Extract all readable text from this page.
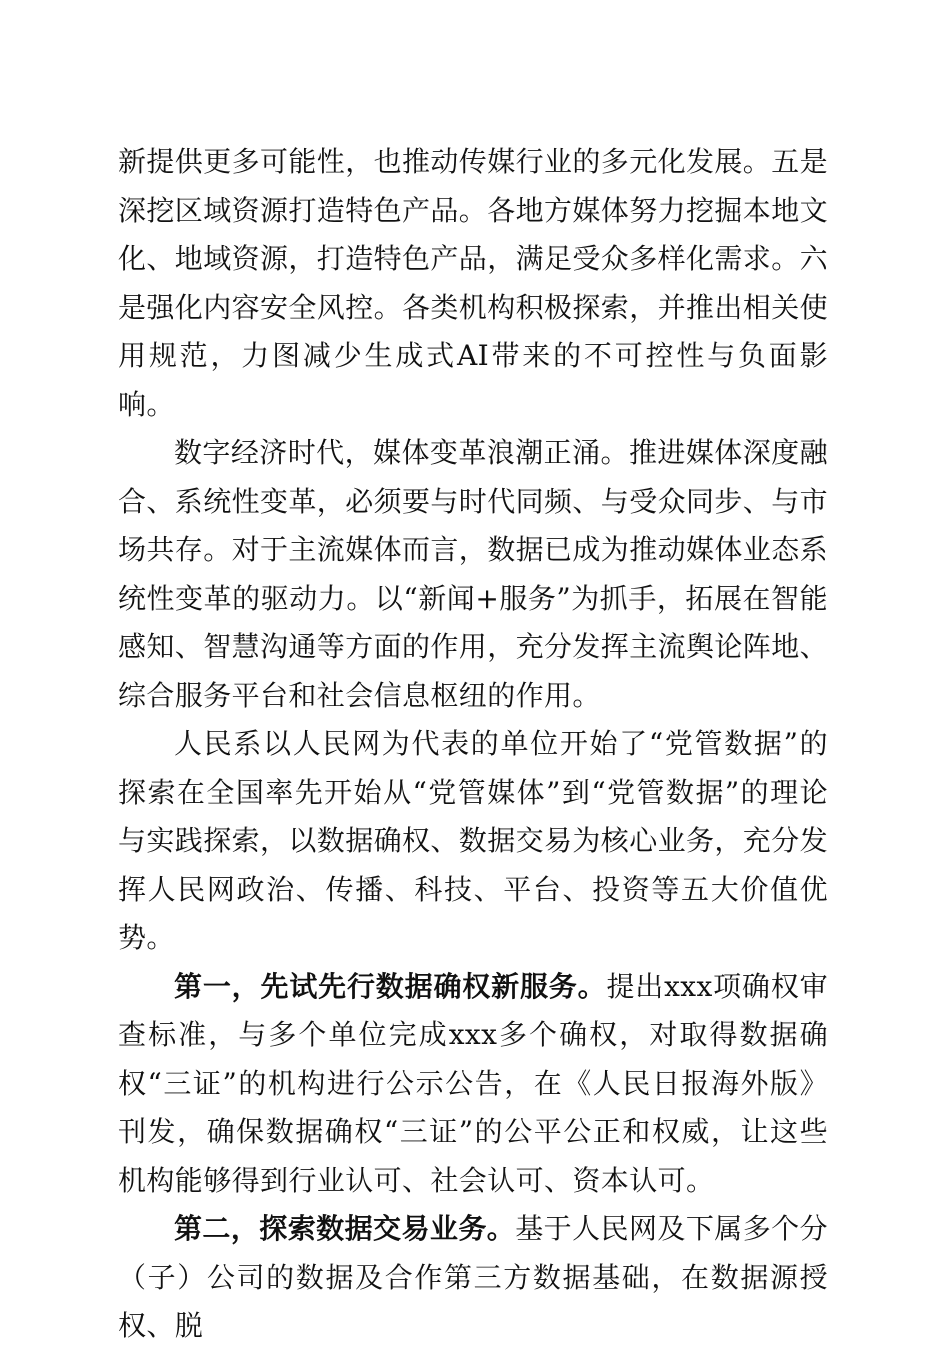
新提供更多可能性，也推动传媒行业的多元化发展。五是深挖区域资源打造特色产品。各地方媒体努力挖掘本地文化、地域资源，打造特色产品，满足受众多样化需求。六是强化内容安全风控。各类机构积极探索，并推出相关使用规范，力图减少生成式AI带来的不可控性与负面影响。

数字经济时代，媒体变革浪潮正涌。推进媒体深度融合、系统性变革，必须要与时代同频、与受众同步、与市场共存。对于主流媒体而言，数据已成为推动媒体业态系统性变革的驱动力。以“新闻+服务”为抓手，拓展在智能感知、智慧沟通等方面的作用，充分发挥主流舆论阵地、综合服务平台和社会信息枢纽的作用。

人民系以人民网为代表的单位开始了“党管数据”的探索在全国率先开始从“党管媒体”到“党管数据”的理论与实践探索，以数据确权、数据交易为核心业务，充分发挥人民网政治、传播、科技、平台、投资等五大价值优势。

第一，先试先行数据确权新服务。提出xxx项确权审查标准，与多个单位完成xxx多个确权，对取得数据确权“三证”的机构进行公示公告，在《人民日报海外版》刊发，确保数据确权“三证”的公平公正和权威，让这些机构能够得到行业认可、社会认可、资本认可。

第二，探索数据交易业务。基于人民网及下属多个分（子）公司的数据及合作第三方数据基础，在数据源授权、脱
